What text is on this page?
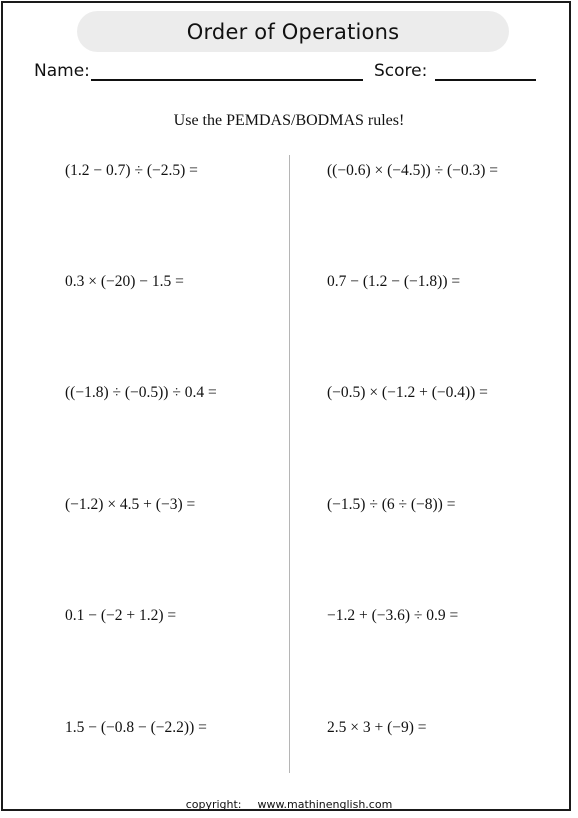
Order of Operations
Name:	Score:
Use the PEMDAS/BODMAS rules!
(1.2 − 0.7) ÷ (−2.5) =
0.3 × (−20) − 1.5 =
((−1.8) ÷ (−0.5)) ÷ 0.4 =
(−1.2) × 4.5 + (−3) =
0.1 − (−2 + 1.2) =
1.5 − (−0.8 − (−2.2)) =
((−0.6) × (−4.5)) ÷ (−0.3) =
0.7 − (1.2 − (−1.8)) =
(−0.5) × (−1.2 + (−0.4)) =
(−1.5) ÷ (6 ÷ (−8)) =
−1.2 + (−3.6) ÷ 0.9 =
2.5 × 3 + (−9) =
copyright: www.mathinenglish.com
